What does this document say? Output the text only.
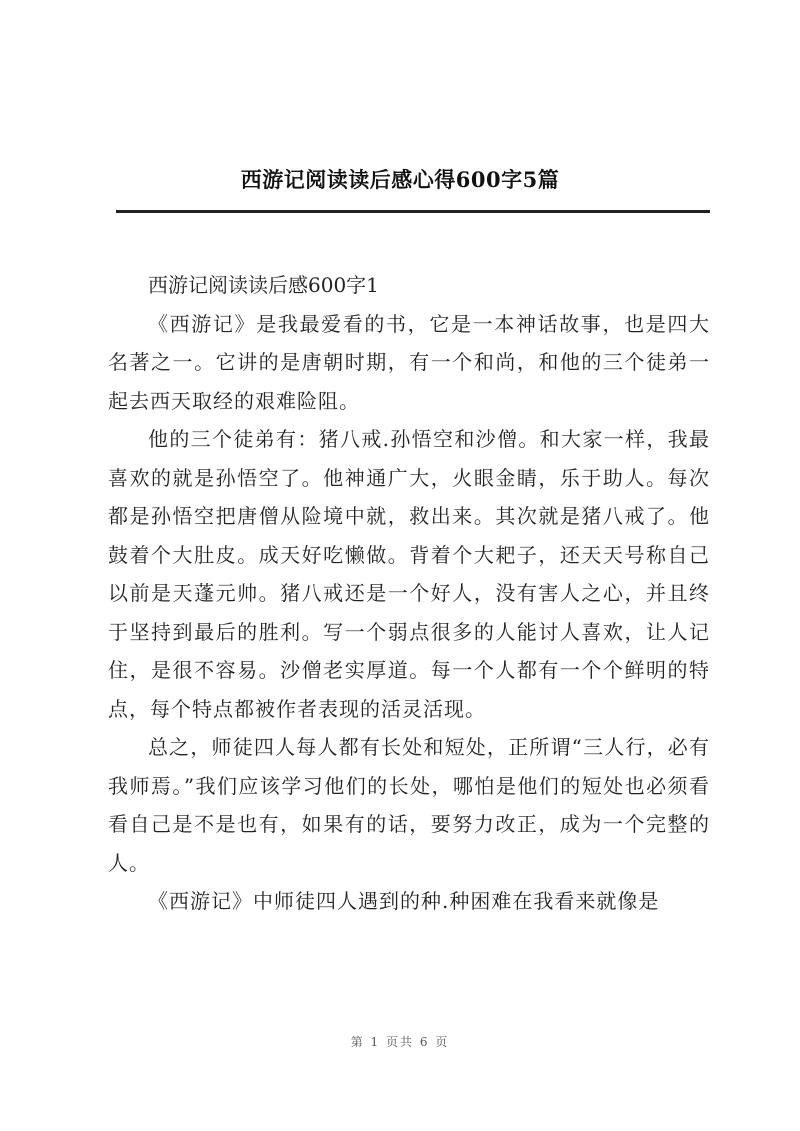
西游记阅读读后感心得600字5篇

西游记阅读读后感600字1

《西游记》是我最爱看的书，它是一本神话故事，也是四大名著之一。它讲的是唐朝时期，有一个和尚，和他的三个徒弟一起去西天取经的艰难险阻。

他的三个徒弟有：猪八戒.孙悟空和沙僧。和大家一样，我最喜欢的就是孙悟空了。他神通广大，火眼金睛，乐于助人。每次都是孙悟空把唐僧从险境中就，救出来。其次就是猪八戒了。他鼓着个大肚皮。成天好吃懒做。背着个大耙子，还天天号称自己以前是天蓬元帅。猪八戒还是一个好人，没有害人之心，并且终于坚持到最后的胜利。写一个弱点很多的人能讨人喜欢，让人记住，是很不容易。沙僧老实厚道。每一个人都有一个个鲜明的特点，每个特点都被作者表现的活灵活现。

总之，师徒四人每人都有长处和短处，正所谓“三人行，必有我师焉。”我们应该学习他们的长处，哪怕是他们的短处也必须看看自己是不是也有，如果有的话，要努力改正，成为一个完整的人。

《西游记》中师徒四人遇到的种.种困难在我看来就像是

第 1 页共 6 页
